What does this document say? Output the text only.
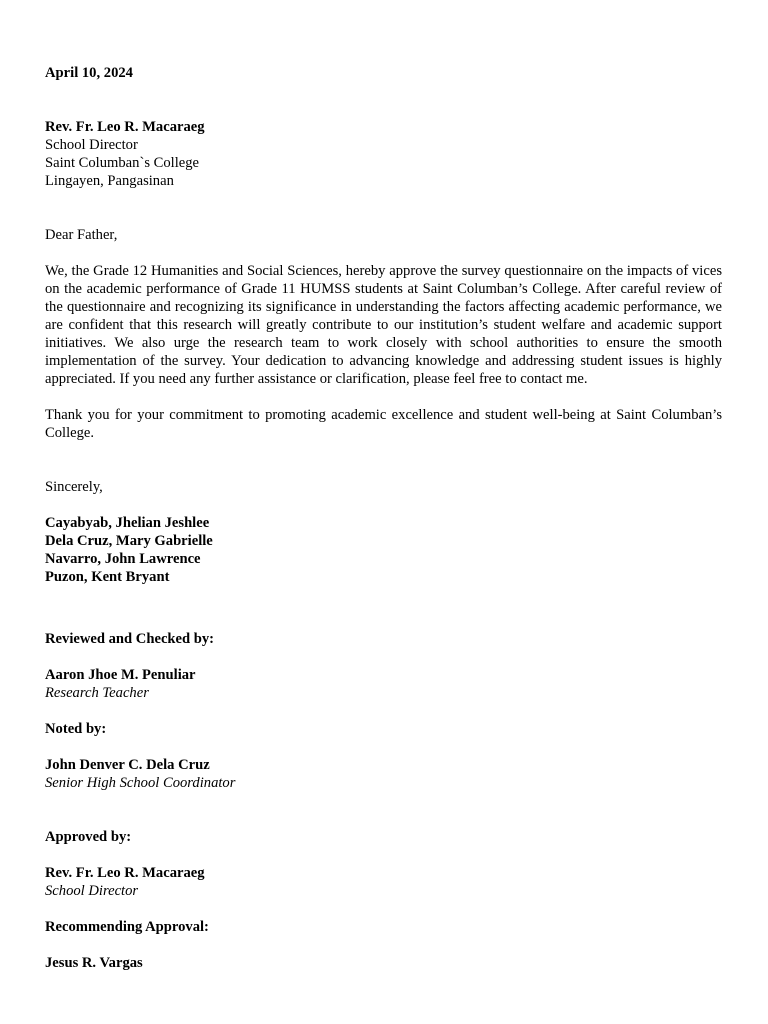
April 10, 2024
Rev. Fr. Leo R. Macaraeg
School Director
Saint Columban`s College
Lingayen, Pangasinan
Dear Father,

We, the Grade 12 Humanities and Social Sciences, hereby approve the survey questionnaire on the impacts of vices on the academic performance of Grade 11 HUMSS students at Saint Columban’s College. After careful review of the questionnaire and recognizing its significance in understanding the factors affecting academic performance, we are confident that this research will greatly contribute to our institution’s student welfare and academic support initiatives. We also urge the research team to work closely with school authorities to ensure the smooth implementation of the survey. Your dedication to advancing knowledge and addressing student issues is highly appreciated. If you need any further assistance or clarification, please feel free to contact me.

Thank you for your commitment to promoting academic excellence and student well-being at Saint Columban’s College.

Sincerely,
Cayabyab, Jhelian Jeshlee
Dela Cruz, Mary Gabrielle
Navarro, John Lawrence
Puzon, Kent Bryant
Reviewed and Checked by:
Aaron Jhoe M. Penuliar
Research Teacher
Noted by:
John Denver C. Dela Cruz
Senior High School Coordinator
Approved by:
Rev. Fr. Leo R. Macaraeg
School Director
Recommending Approval:
Jesus R. Vargas
